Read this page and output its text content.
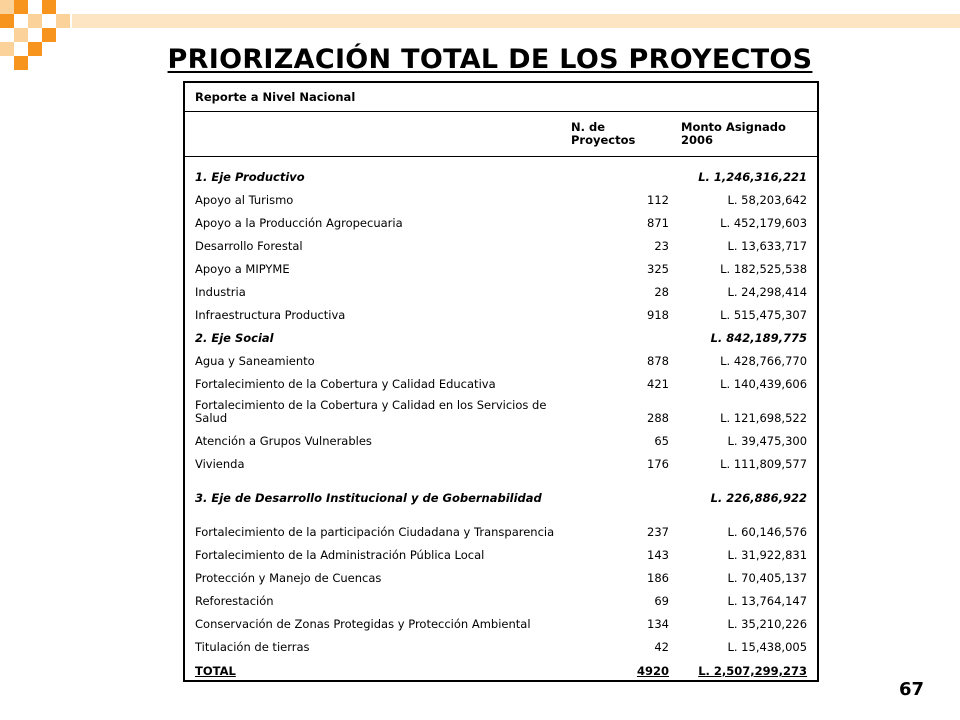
PRIORIZACIÓN TOTAL DE LOS PROYECTOS
Reporte a Nivel Nacional		
	N. de Proyectos	Monto Asignado 2006
1. Eje Productivo		L. 1,246,316,221
Apoyo al Turismo	112	L. 58,203,642
Apoyo a la Producción Agropecuaria	871	L. 452,179,603
Desarrollo Forestal	23	L. 13,633,717
Apoyo a MIPYME	325	L. 182,525,538
Industria	28	L. 24,298,414
Infraestructura Productiva	918	L. 515,475,307
2. Eje Social		L. 842,189,775
Agua y Saneamiento	878	L. 428,766,770
Fortalecimiento de la Cobertura y Calidad Educativa	421	L. 140,439,606
Fortalecimiento de la Cobertura y Calidad en los Servicios de Salud	288	L. 121,698,522
Atención a Grupos Vulnerables	65	L. 39,475,300
Vivienda	176	L. 111,809,577
3. Eje de Desarrollo Institucional y de Gobernabilidad		L. 226,886,922
Fortalecimiento de la participación Ciudadana y Transparencia	237	L. 60,146,576
Fortalecimiento de la Administración Pública Local	143	L. 31,922,831
Protección y Manejo de Cuencas	186	L. 70,405,137
Reforestación	69	L. 13,764,147
Conservación de Zonas Protegidas y Protección Ambiental	134	L. 35,210,226
Titulación de tierras	42	L. 15,438,005
TOTAL	4920	L. 2,507,299,273
67
